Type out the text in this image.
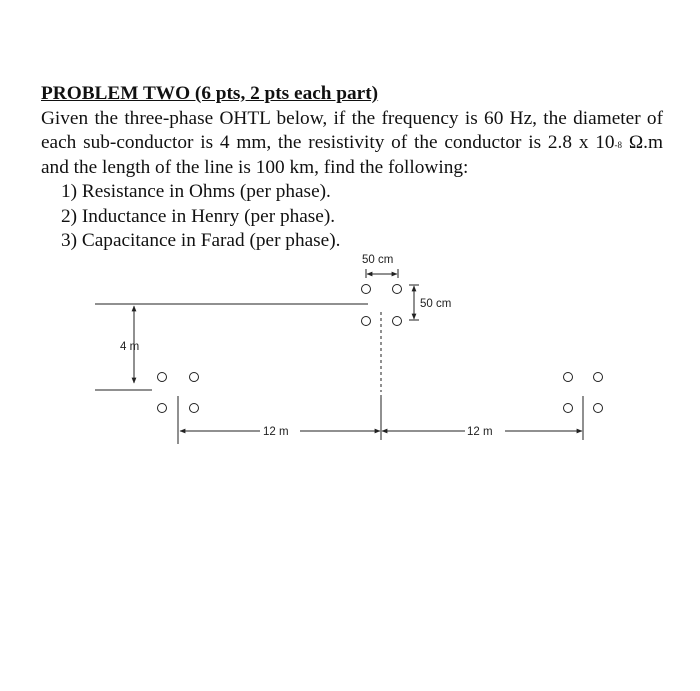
PROBLEM TWO (6 pts, 2 pts each part)
Given the three-phase OHTL below, if the frequency is 60 Hz, the diameter of each sub-conductor is 4 mm, the resistivity of the conductor is 2.8 x $10^{-8}$ Ω.m and the length of the line is 100 km, find the following:
1) Resistance in Ohms (per phase).
2) Inductance in Henry (per phase).
3) Capacitance in Farad (per phase).
50 cm
50 cm
4 m
12 m	12 m
